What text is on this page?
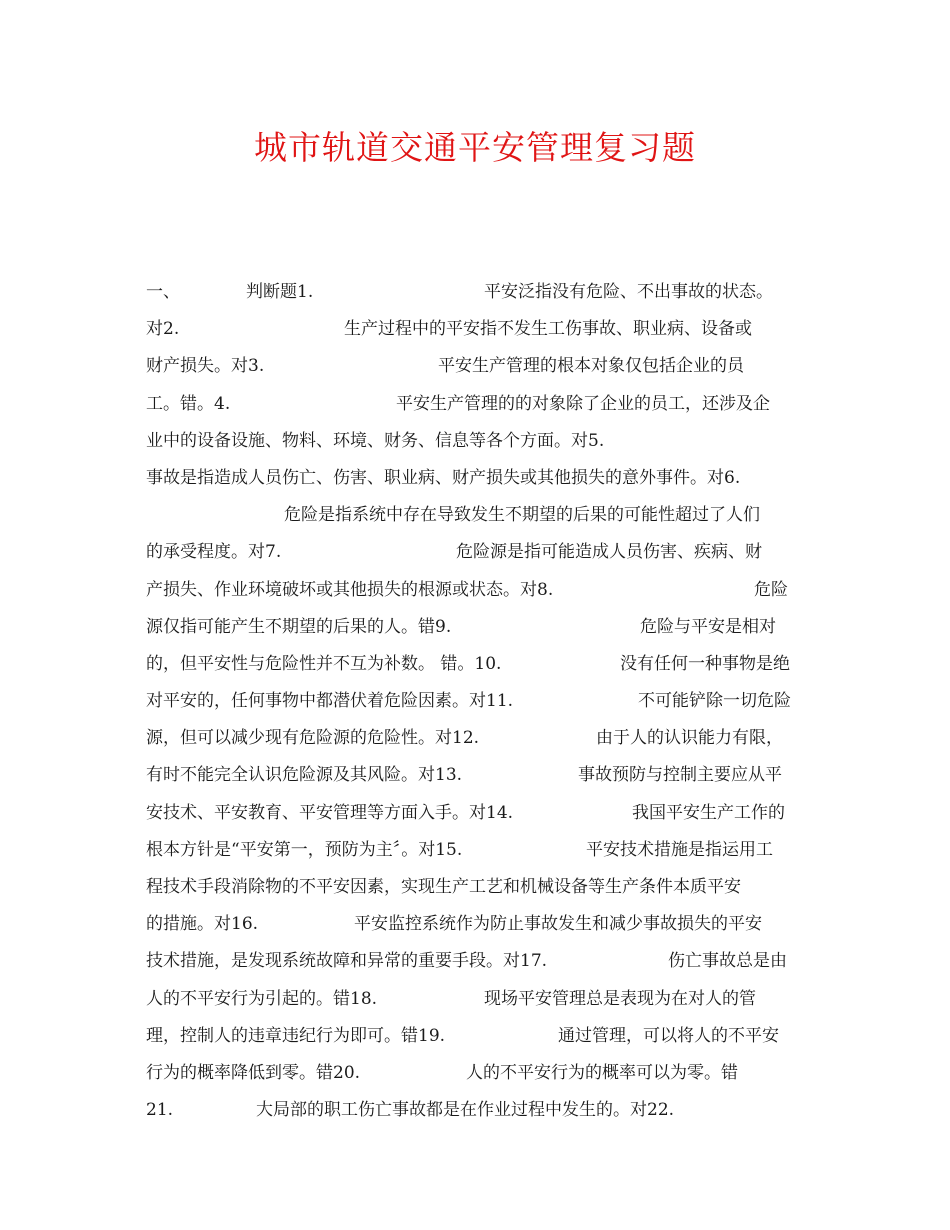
城市轨道交通平安管理复习题
一、	判断题1.	平安泛指没有危险、不出事故的状态。
对2.	生产过程中的平安指不发生工伤事故、职业病、设备或
财产损失。对3.	平安生产管理的根本对象仅包括企业的员
工。错。4.	平安生产管理的的对象除了企业的员工，还涉及企
业中的设备设施、物料、环境、财务、信息等各个方面。对5.
事故是指造成人员伤亡、伤害、职业病、财产损失或其他损失的意外事件。对6.
危险是指系统中存在导致发生不期望的后果的可能性超过了人们
的承受程度。对7.	危险源是指可能造成人员伤害、疾病、财
产损失、作业环境破坏或其他损失的根源或状态。对8.	危险
源仅指可能产生不期望的后果的人。错9.	危险与平安是相对
的，但平安性与危险性并不互为补数。 错。10.	没有任何一种事物是绝
对平安的，任何事物中都潜伏着危险因素。对11.	不可能铲除一切危险
源，但可以减少现有危险源的危险性。对12.	由于人的认识能力有限，
有时不能完全认识危险源及其风险。对13.	事故预防与控制主要应从平
安技术、平安教育、平安管理等方面入手。对14.	我国平安生产工作的
根本方针是“平安第一，预防为主〞。对15.	平安技术措施是指运用工
程技术手段消除物的不平安因素，实现生产工艺和机械设备等生产条件本质平安
的措施。对16.	平安监控系统作为防止事故发生和减少事故损失的平安
技术措施，是发现系统故障和异常的重要手段。对17.	伤亡事故总是由
人的不平安行为引起的。错18.	现场平安管理总是表现为在对人的管
理，控制人的违章违纪行为即可。错19.	通过管理，可以将人的不平安
行为的概率降低到零。错20.	人的不平安行为的概率可以为零。错
21.	大局部的职工伤亡事故都是在作业过程中发生的。对22.
